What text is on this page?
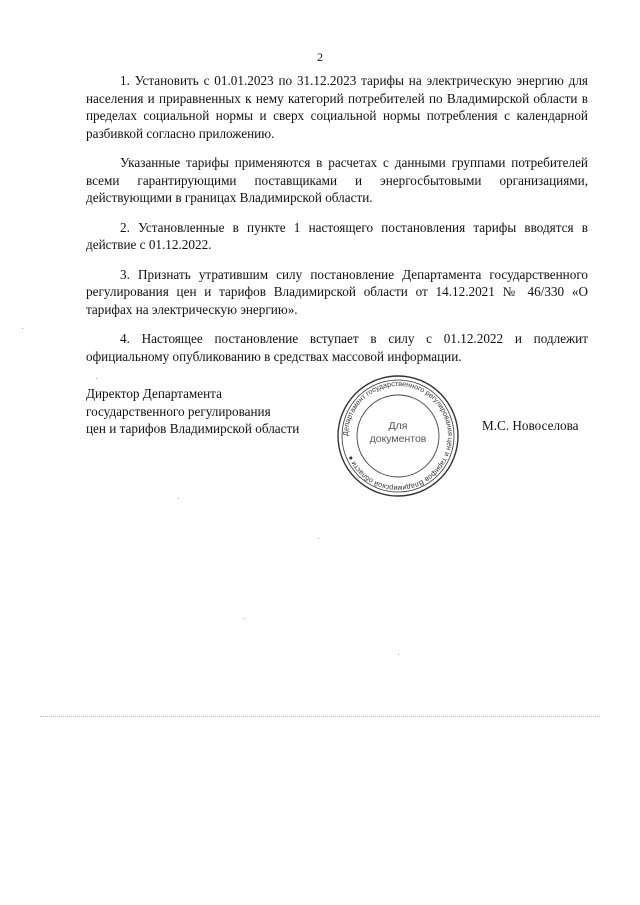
2

1. Установить с 01.01.2023 по 31.12.2023 тарифы на электрическую энергию для населения и приравненных к нему категорий потребителей по Владимирской области в пределах социальной нормы и сверх социальной нормы потребления с календарной разбивкой согласно приложению.

Указанные тарифы применяются в расчетах с данными группами потребителей всеми гарантирующими поставщиками и энергосбытовыми организациями, действующими в границах Владимирской области.

2. Установленные в пункте 1 настоящего постановления тарифы вводятся в действие с 01.12.2022.

3. Признать утратившим силу постановление Департамента государственного регулирования цен и тарифов Владимирской области от 14.12.2021 № 46/330 «О тарифах на электрическую энергию».

4. Настоящее постановление вступает в силу с 01.12.2022 и подлежит официальному опубликованию в средствах массовой информации.

Директор Департамента
государственного регулирования
цен и тарифов Владимирской области	Департамент государственного регулирования цен и тарифов Владимирской области ●
Для
документов
М.С. Новоселова
